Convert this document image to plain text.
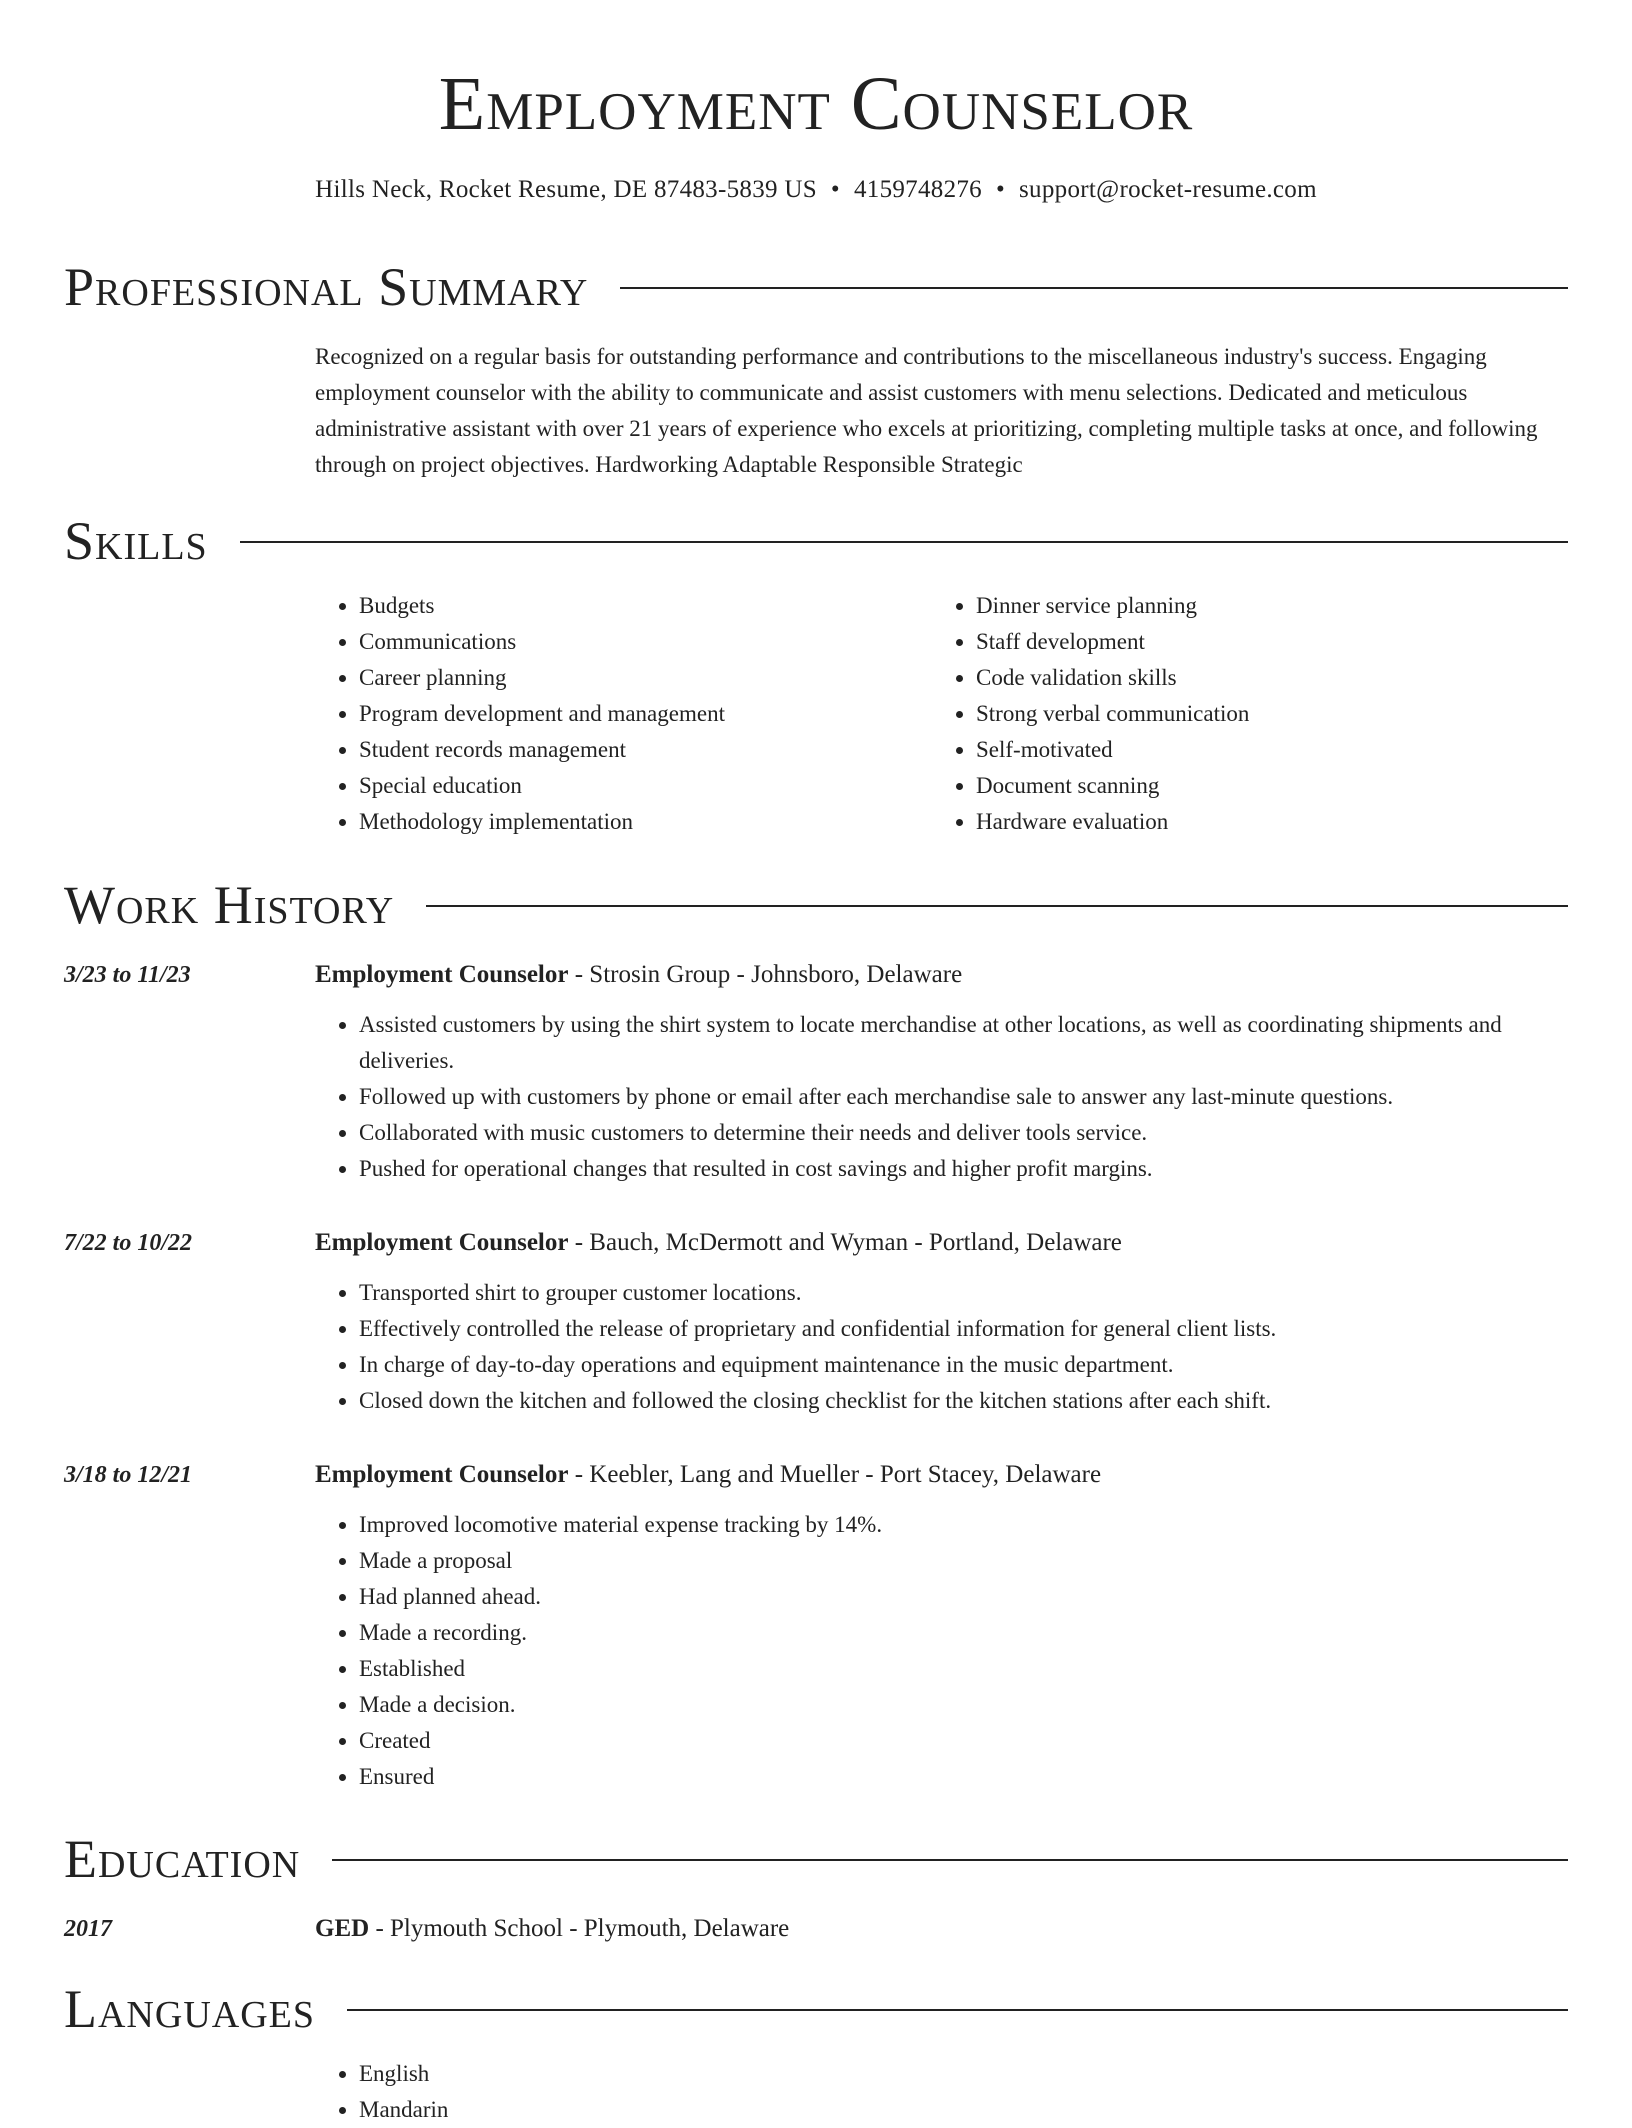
Employment Counselor
Hills Neck, Rocket Resume, DE 87483-5839 US • 4159748276 • support@rocket-resume.com
Professional Summary
Recognized on a regular basis for outstanding performance and contributions to the miscellaneous industry's success. Engaging employment counselor with the ability to communicate and assist customers with menu selections. Dedicated and meticulous administrative assistant with over 21 years of experience who excels at prioritizing, completing multiple tasks at once, and following through on project objectives. Hardworking Adaptable Responsible Strategic
Skills
• Budgets
• Communications
• Career planning
• Program development and management
• Student records management
• Special education
• Methodology implementation
• Dinner service planning
• Staff development
• Code validation skills
• Strong verbal communication
• Self-motivated
• Document scanning
• Hardware evaluation
Work History
3/23 to 11/23	Employment Counselor - Strosin Group - Johnsboro, Delaware
• Assisted customers by using the shirt system to locate merchandise at other locations, as well as coordinating shipments and deliveries.
• Followed up with customers by phone or email after each merchandise sale to answer any last-minute questions.
• Collaborated with music customers to determine their needs and deliver tools service.
• Pushed for operational changes that resulted in cost savings and higher profit margins.
7/22 to 10/22	Employment Counselor - Bauch, McDermott and Wyman - Portland, Delaware
• Transported shirt to grouper customer locations.
• Effectively controlled the release of proprietary and confidential information for general client lists.
• In charge of day-to-day operations and equipment maintenance in the music department.
• Closed down the kitchen and followed the closing checklist for the kitchen stations after each shift.
3/18 to 12/21	Employment Counselor - Keebler, Lang and Mueller - Port Stacey, Delaware
• Improved locomotive material expense tracking by 14%.
• Made a proposal
• Had planned ahead.
• Made a recording.
• Established
• Made a decision.
• Created
• Ensured
Education
2017	GED - Plymouth School - Plymouth, Delaware
Languages
• English
• Mandarin
